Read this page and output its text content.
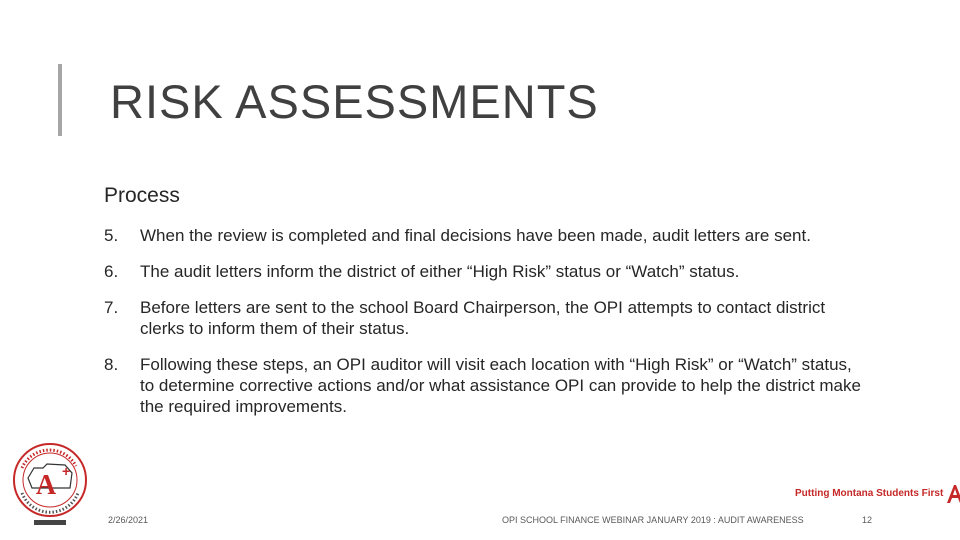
RISK ASSESSMENTS
Process
5.	When the review is completed and final decisions have been made, audit letters are sent.
6.	The audit letters inform the district of either “High Risk” status or “Watch” status.
7.	Before letters are sent to the school Board Chairperson, the OPI attempts to contact district clerks to inform them of their status.
8.	Following these steps, an OPI auditor will visit each location with “High Risk” or “Watch” status, to determine corrective actions and/or what assistance OPI can provide to help the district make the required improvements.
A +
Putting Montana Students First
2/26/2021	OPI SCHOOL FINANCE WEBINAR JANUARY 2019 : AUDIT AWARENESS	12
